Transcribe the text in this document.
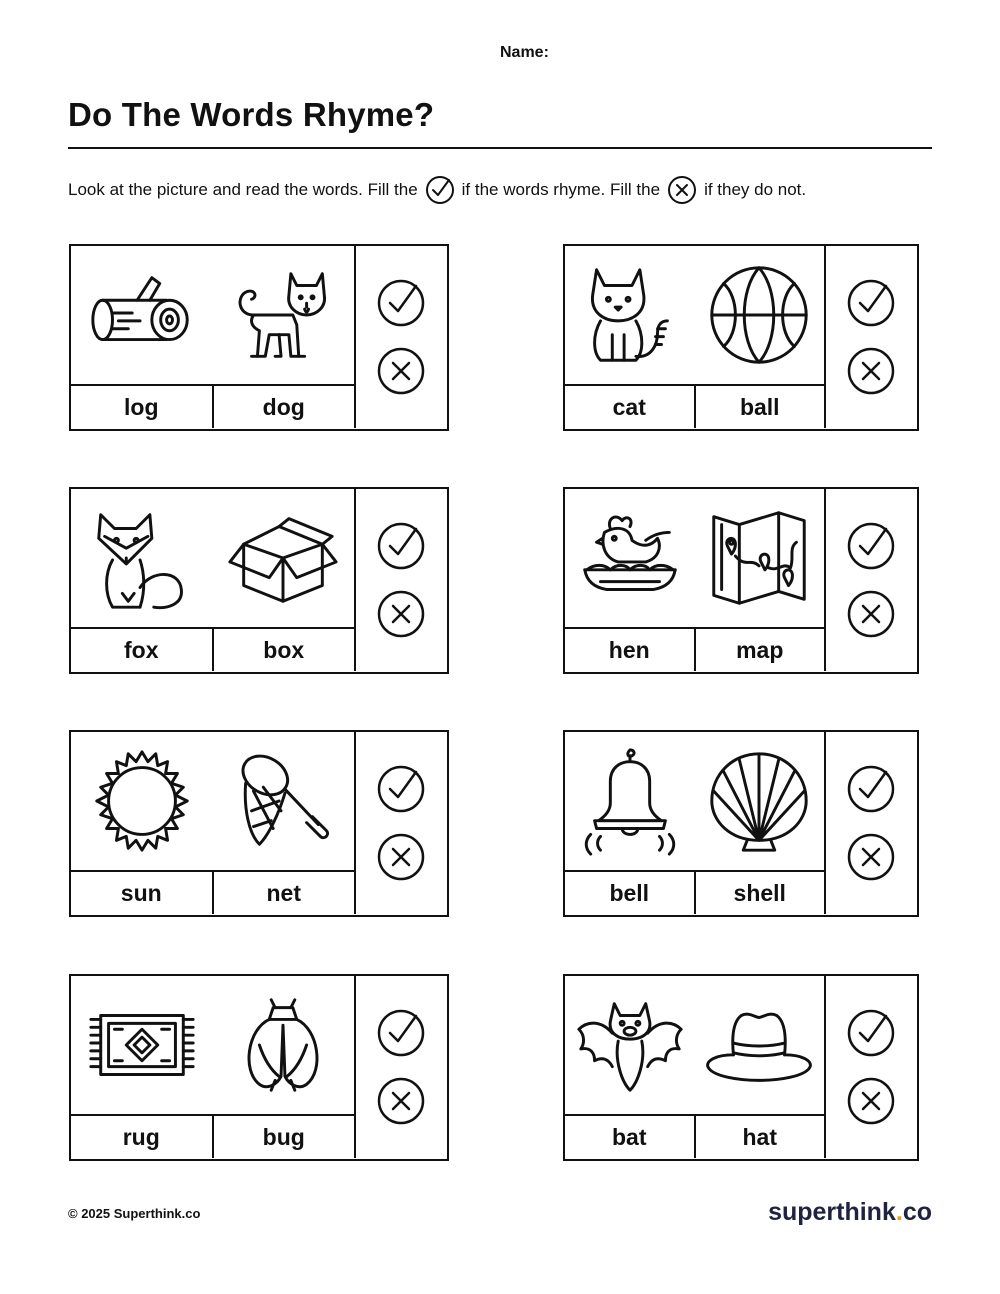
Name:
Do The Words Rhyme?
Look at the picture and read the words. Fill the	if the words rhyme. Fill the	if they do not.
log	dog	cat	ball
fox	box	hen	map
sun	net	bell	shell
rug	bug	bat	hat
© 2025 Superthink.co	superthink.co
